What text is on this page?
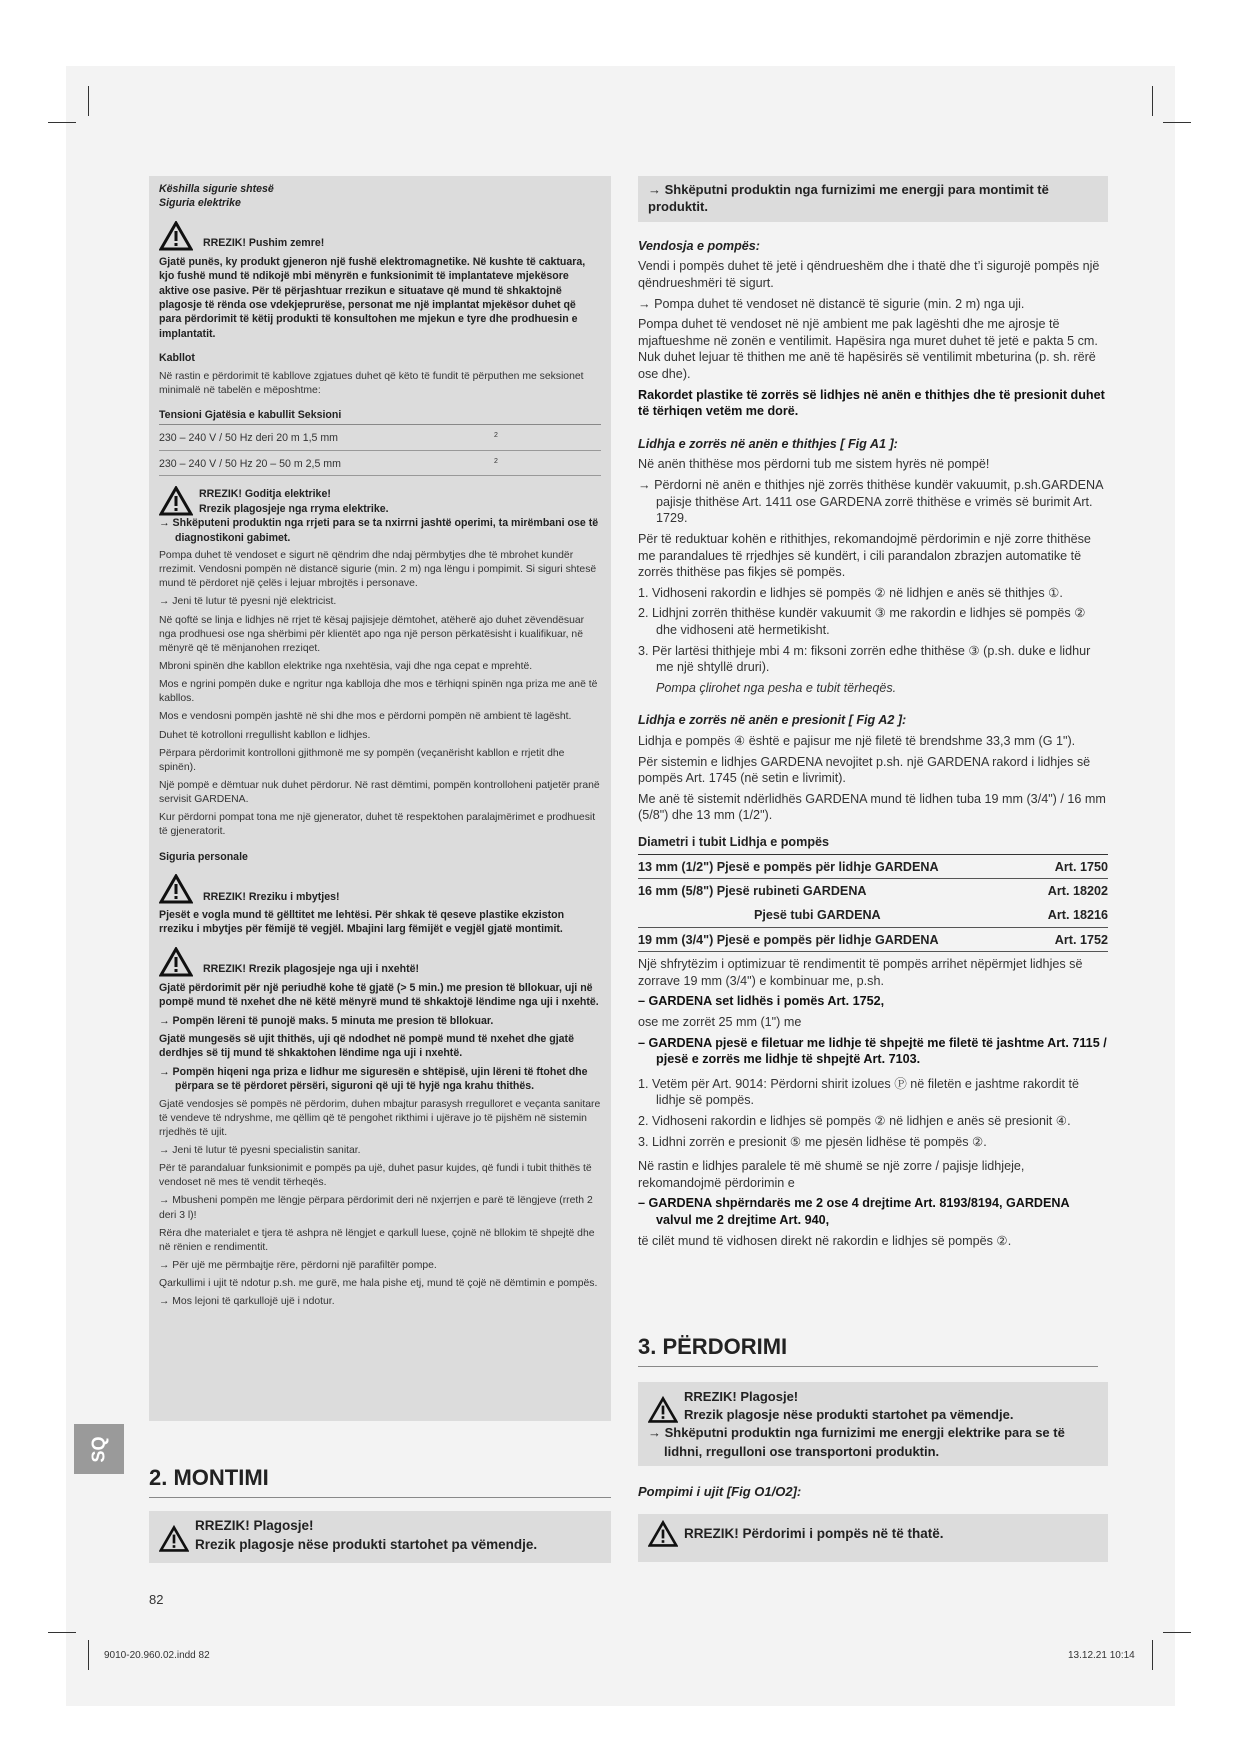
Këshilla sigurie shtesë
Siguria elektrike
RREZIK! Pushim zemre!
Gjatë punës, ky produkt gjeneron një fushë elektromagnetike. Në kushte të caktuara, kjo fushë mund të ndikojë mbi mënyrën e funksionimit të implantateve mjekësore aktive ose pasive. Për të përjashtuar rrezikun e situatave që mund të shkaktojnë plagosje të rënda ose vdekjeprurëse, personat me një implantat mjekësor duhet që para përdorimit të këtij produkti të konsultohen me mjekun e tyre dhe prodhuesin e implantatit.
Kabllot
Në rastin e përdorimit të kabllove zgjatues duhet që këto të fundit të përputhen me seksionet minimalë në tabelën e mëposhtme:
Tensioni Gjatësia e kabullit Seksioni
230 – 240 V / 50 Hz deri 20 m 1,5 mm	2
230 – 240 V / 50 Hz 20 – 50 m 2,5 mm	2
RREZIK! Goditja elektrike!
Rrezik plagosjeje nga rryma elektrike.
→ Shkëputeni produktin nga rrjeti para se ta nxirrni jashtë operimi, ta mirëmbani ose të diagnostikoni gabimet.
Pompa duhet të vendoset e sigurt në qëndrim dhe ndaj përmbytjes dhe të mbrohet kundër rrezimit. Vendosni pompën në distancë sigurie (min. 2 m) nga lëngu i pompimit. Si siguri shtesë mund të përdoret një çelës i lejuar mbrojtës i personave.
→ Jeni të lutur të pyesni një elektricist.
Në qoftë se linja e lidhjes në rrjet të kësaj pajisjeje dëmtohet, atëherë ajo duhet zëvendësuar nga prodhuesi ose nga shërbimi për klientët apo nga një person përkatësisht i kualifikuar, në mënyrë që të mënjanohen rreziqet.
Mbroni spinën dhe kabllon elektrike nga nxehtësia, vaji dhe nga cepat e mprehtë.
Mos e ngrini pompën duke e ngritur nga kablloja dhe mos e tërhiqni spinën nga priza me anë të kabllos.
Mos e vendosni pompën jashtë në shi dhe mos e përdorni pompën në ambient të lagësht.
Duhet të kotrolloni rregullisht kabllon e lidhjes.
Përpara përdorimit kontrolloni gjithmonë me sy pompën (veçanërisht kabllon e rrjetit dhe spinën).
Një pompë e dëmtuar nuk duhet përdorur. Në rast dëmtimi, pompën kontrolloheni patjetër pranë servisit GARDENA.
Kur përdorni pompat tona me një gjenerator, duhet të respektohen paralajmërimet e prodhuesit të gjeneratorit.
Siguria personale
RREZIK! Rreziku i mbytjes!
Pjesët e vogla mund të gëlltitet me lehtësi. Për shkak të qeseve plastike ekziston rreziku i mbytjes për fëmijë të vegjël. Mbajini larg fëmijët e vegjël gjatë montimit.
RREZIK! Rrezik plagosjeje nga uji i nxehtë!
Gjatë përdorimit për një periudhë kohe të gjatë (> 5 min.) me presion të bllokuar, uji në pompë mund të nxehet dhe në këtë mënyrë mund të shkaktojë lëndime nga uji i nxehtë.
→ Pompën lëreni të punojë maks. 5 minuta me presion të bllokuar.
Gjatë mungesës së ujit thithës, uji që ndodhet në pompë mund të nxehet dhe gjatë derdhjes së tij mund të shkaktohen lëndime nga uji i nxehtë.
→ Pompën hiqeni nga priza e lidhur me siguresën e shtëpisë, ujin lëreni të ftohet dhe përpara se të përdoret përsëri, siguroni që uji të hyjë nga krahu thithës.
Gjatë vendosjes së pompës në përdorim, duhen mbajtur parasysh rregulloret e veçanta sanitare të vendeve të ndryshme, me qëllim që të pengohet rikthimi i ujërave jo të pijshëm në sistemin rrjedhës të ujit.
→ Jeni të lutur të pyesni specialistin sanitar.
Për të parandaluar funksionimit e pompës pa ujë, duhet pasur kujdes, që fundi i tubit thithës të vendoset në mes të vendit tërheqës.
→ Mbusheni pompën me lëngje përpara përdorimit deri në nxjerrjen e parë të lëngjeve (rreth 2 deri 3 l)!
Rëra dhe materialet e tjera të ashpra në lëngjet e qarkull luese, çojnë në bllokim të shpejtë dhe në rënien e rendimentit.
→ Për ujë me përmbajtje rëre, përdorni një parafiltër pompe.
Qarkullimi i ujit të ndotur p.sh. me gurë, me hala pishe etj, mund të çojë në dëmtimin e pompës.
→ Mos lejoni të qarkullojë ujë i ndotur.
SQ
2. MONTIMI
RREZIK! Plagosje!
Rrezik plagosje nëse produkti startohet pa vëmendje.
→ Shkëputni produktin nga furnizimi me energji para montimit të produktit.
Vendosja e pompës:
Vendi i pompës duhet të jetë i qëndrueshëm dhe i thatë dhe t’i sigurojë pompës një qëndrueshmëri të sigurt.
→ Pompa duhet të vendoset në distancë të sigurie (min. 2 m) nga uji.
Pompa duhet të vendoset në një ambient me pak lagështi dhe me ajrosje të mjaftueshme në zonën e ventilimit. Hapësira nga muret duhet të jetë e pakta 5 cm. Nuk duhet lejuar të thithen me anë të hapësirës së ventilimit mbeturina (p. sh. rërë ose dhe).
Rakordet plastike të zorrës së lidhjes në anën e thithjes dhe të presionit duhet të tërhiqen vetëm me dorë.
Lidhja e zorrës në anën e thithjes [ Fig A1 ]:
Në anën thithëse mos përdorni tub me sistem hyrës në pompë!
→ Përdorni në anën e thithjes një zorrës thithëse kundër vakuumit, p.sh.GARDENA pajisje thithëse Art. 1411 ose GARDENA zorrë thithëse e vrimës së burimit Art. 1729.
Për të reduktuar kohën e rithithjes, rekomandojmë përdorimin e një zorre thithëse me parandalues të rrjedhjes së kundërt, i cili parandalon zbrazjen automatike të zorrës thithëse pas fikjes së pompës.
1. Vidhoseni rakordin e lidhjes së pompës ② në lidhjen e anës së thithjes ①.
2. Lidhjni zorrën thithëse kundër vakuumit ③ me rakordin e lidhjes së pompës ② dhe vidhoseni atë hermetikisht.
3. Për lartësi thithjeje mbi 4 m: fiksoni zorrën edhe thithëse ③ (p.sh. duke e lidhur me një shtyllë druri).
Pompa çlirohet nga pesha e tubit tërheqës.
Lidhja e zorrës në anën e presionit [ Fig A2 ]:
Lidhja e pompës ④ është e pajisur me një filetë të brendshme 33,3 mm (G 1").
Për sistemin e lidhjes GARDENA nevojitet p.sh. një GARDENA rakord i lidhjes së pompës Art. 1745 (në setin e livrimit).
Me anë të sistemit ndërlidhës GARDENA mund të lidhen tuba 19 mm (3/4") / 16 mm (5/8") dhe 13 mm (1/2").
Diametri i tubit Lidhja e pompës
13 mm (1/2") Pjesë e pompës për lidhje GARDENA	Art. 1750
16 mm (5/8") Pjesë rubineti GARDENA	Art. 18202
Pjesë tubi GARDENA	Art. 18216
19 mm (3/4") Pjesë e pompës për lidhje GARDENA	Art. 1752
Një shfrytëzim i optimizuar të rendimentit të pompës arrihet nëpërmjet lidhjes së zorrave 19 mm (3/4") e kombinuar me, p.sh.
– GARDENA set lidhës i pomës Art. 1752,
ose me zorrët 25 mm (1") me
– GARDENA pjesë e filetuar me lidhje të shpejtë me filetë të jashtme Art. 7115 / pjesë e zorrës me lidhje të shpejtë Art. 7103.
1. Vetëm për Art. 9014: Përdorni shirit izolues Ⓟ në filetën e jashtme rakordit të lidhje së pompës.
2. Vidhoseni rakordin e lidhjes së pompës ② në lidhjen e anës së presionit ④.
3. Lidhni zorrën e presionit ⑤ me pjesën lidhëse të pompës ②.
Në rastin e lidhjes paralele të më shumë se një zorre / pajisje lidhjeje, rekomandojmë përdorimin e
– GARDENA shpërndarës me 2 ose 4 drejtime Art. 8193/8194, GARDENA valvul me 2 drejtime Art. 940,
të cilët mund të vidhosen direkt në rakordin e lidhjes së pompës ②.
3. PËRDORIMI
RREZIK! Plagosje!
Rrezik plagosje nëse produkti startohet pa vëmendje.
→ Shkëputni produktin nga furnizimi me energji elektrike para se të lidhni, rregulloni ose transportoni produktin.
Pompimi i ujit [Fig O1/O2]:
RREZIK! Përdorimi i pompës në të thatë.
82
9010-20.960.02.indd 82	13.12.21 10:14
